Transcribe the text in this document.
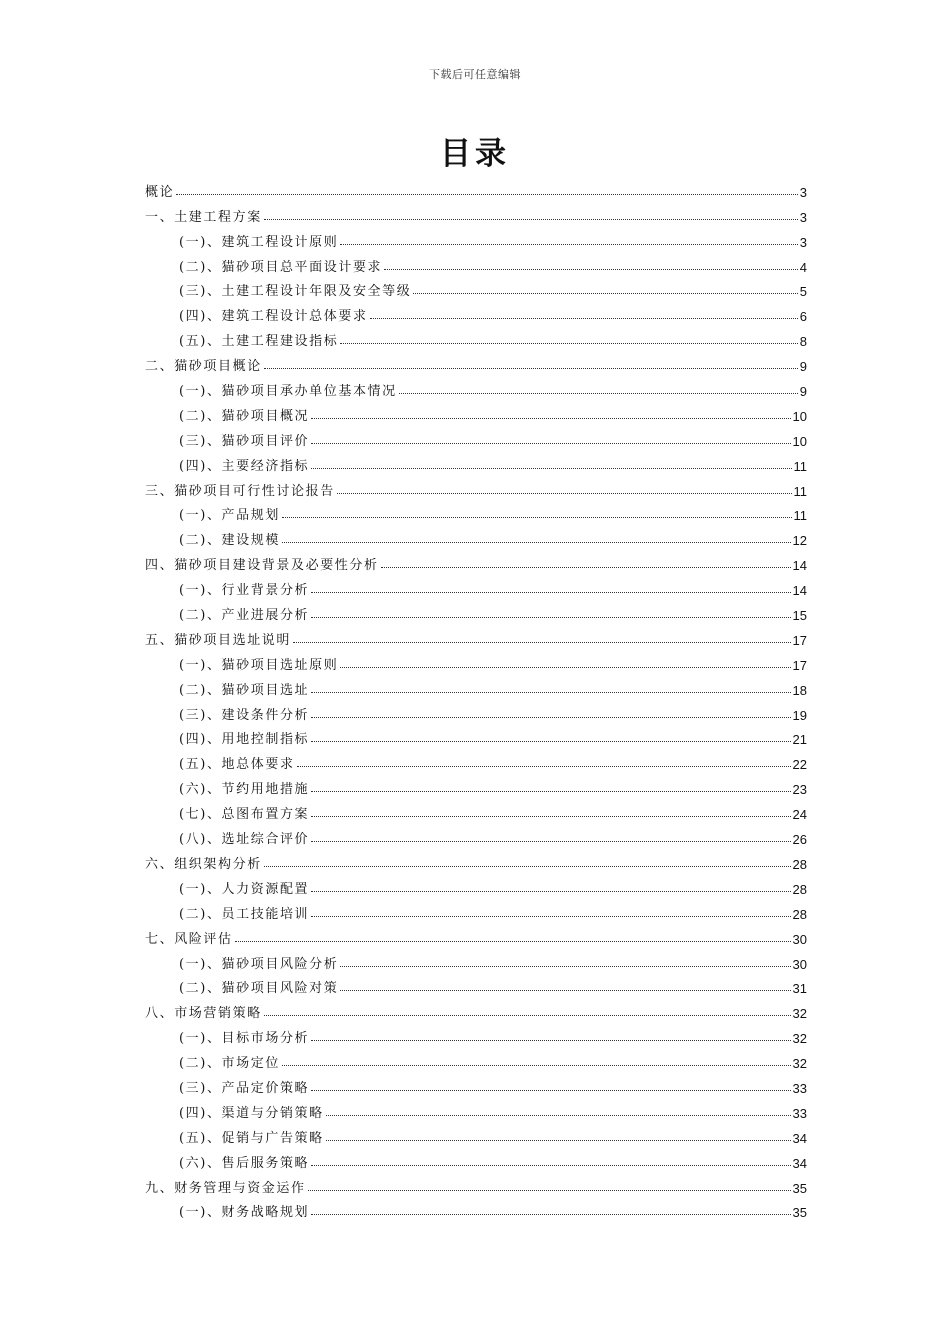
下载后可任意编辑
目录
概论	3
一、土建工程方案	3
(一)、建筑工程设计原则	3
(二)、猫砂项目总平面设计要求	4
(三)、土建工程设计年限及安全等级	5
(四)、建筑工程设计总体要求	6
(五)、土建工程建设指标	8
二、猫砂项目概论	9
(一)、猫砂项目承办单位基本情况	9
(二)、猫砂项目概况	10
(三)、猫砂项目评价	10
(四)、主要经济指标	11
三、猫砂项目可行性讨论报告	11
(一)、产品规划	11
(二)、建设规模	12
四、猫砂项目建设背景及必要性分析	14
(一)、行业背景分析	14
(二)、产业进展分析	15
五、猫砂项目选址说明	17
(一)、猫砂项目选址原则	17
(二)、猫砂项目选址	18
(三)、建设条件分析	19
(四)、用地控制指标	21
(五)、地总体要求	22
(六)、节约用地措施	23
(七)、总图布置方案	24
(八)、选址综合评价	26
六、组织架构分析	28
(一)、人力资源配置	28
(二)、员工技能培训	28
七、风险评估	30
(一)、猫砂项目风险分析	30
(二)、猫砂项目风险对策	31
八、市场营销策略	32
(一)、目标市场分析	32
(二)、市场定位	32
(三)、产品定价策略	33
(四)、渠道与分销策略	33
(五)、促销与广告策略	34
(六)、售后服务策略	34
九、财务管理与资金运作	35
(一)、财务战略规划	35
